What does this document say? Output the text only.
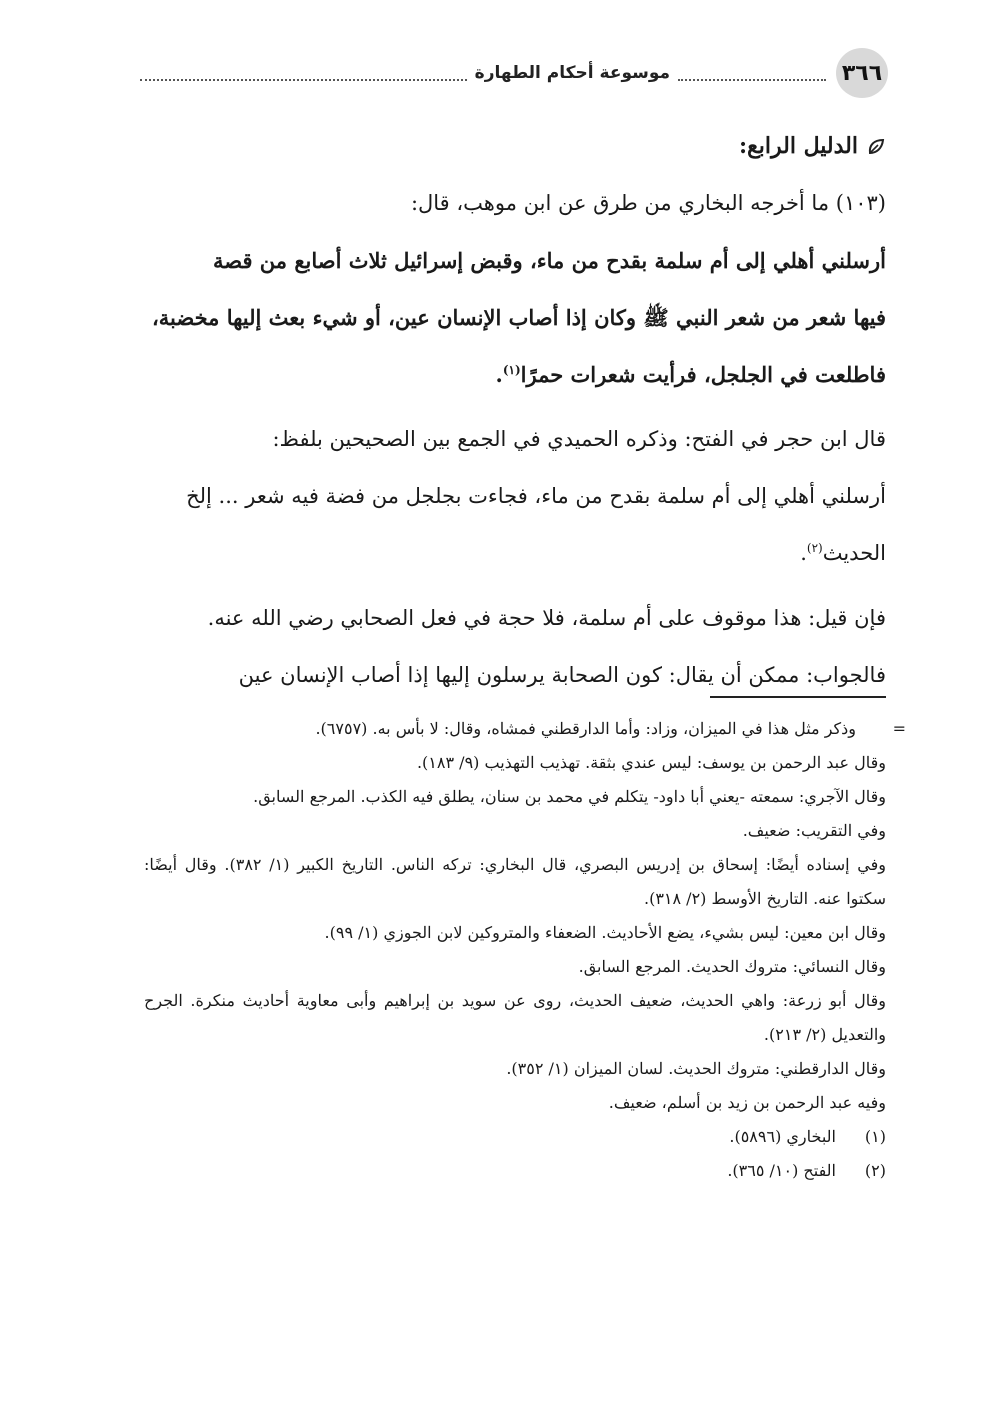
٣٦٦
موسوعة أحكام الطهارة

الدليل الرابع:

(١٠٣) ما أخرجه البخاري من طرق عن ابن موهب، قال:

أرسلني أهلي إلى أم سلمة بقدح من ماء، وقبض إسرائيل ثلاث أصابع من قصة

فيها شعر من شعر النبي ﷺ وكان إذا أصاب الإنسان عين، أو شيء بعث إليها مخضبة،

فاطلعت في الجلجل، فرأيت شعرات حمرًا$^{(١)}$.

قال ابن حجر في الفتح: وذكره الحميدي في الجمع بين الصحيحين بلفظ:

أرسلني أهلي إلى أم سلمة بقدح من ماء، فجاءت بجلجل من فضة فيه شعر ... إلخ

الحديث$^{(٢)}$.

فإن قيل: هذا موقوف على أم سلمة، فلا حجة في فعل الصحابي رضي الله عنه.

فالجواب: ممكن أن يقال: كون الصحابة يرسلون إليها إذا أصاب الإنسان عين

=
وذكر مثل هذا في الميزان، وزاد: وأما الدارقطني فمشاه، وقال: لا بأس به. (٦٧٥٧).

وقال عبد الرحمن بن يوسف: ليس عندي بثقة. تهذيب التهذيب (٩/ ١٨٣).

وقال الآجري: سمعته -يعني أبا داود- يتكلم في محمد بن سنان، يطلق فيه الكذب. المرجع السابق.

وفي التقريب: ضعيف.

وفي إسناده أيضًا: إسحاق بن إدريس البصري، قال البخاري: تركه الناس. التاريخ الكبير (١/ ٣٨٢). وقال أيضًا: سكتوا عنه. التاريخ الأوسط (٢/ ٣١٨).

وقال ابن معين: ليس بشيء، يضع الأحاديث. الضعفاء والمتروكين لابن الجوزي (١/ ٩٩).

وقال النسائي: متروك الحديث. المرجع السابق.

وقال أبو زرعة: واهي الحديث، ضعيف الحديث، روى عن سويد بن إبراهيم وأبى معاوية أحاديث منكرة. الجرح والتعديل (٢/ ٢١٣).

وقال الدارقطني: متروك الحديث. لسان الميزان (١/ ٣٥٢).

وفيه عبد الرحمن بن زيد بن أسلم، ضعيف.

(١)
البخاري (٥٨٩٦).

(٢)
الفتح (١٠/ ٣٦٥).
